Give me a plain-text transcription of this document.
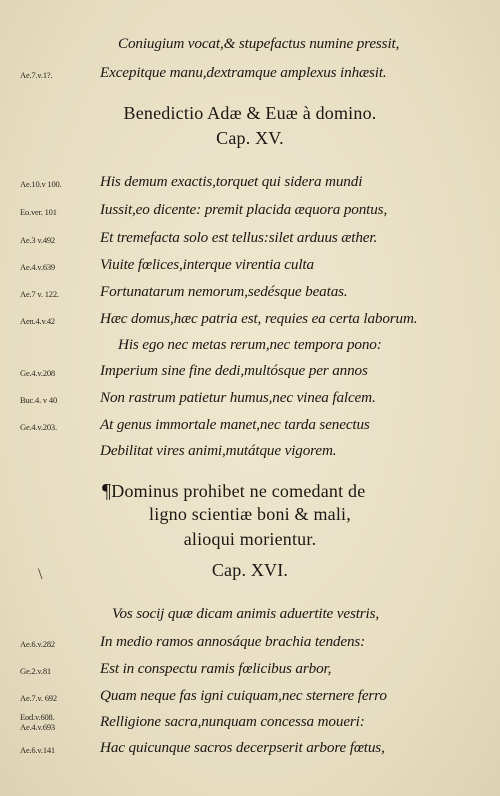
Coniugium vocat,& stupefactus numine pressit,
Ae.7.v.1?.	Excepitque manu,dextramque amplexus inhæsit.
Benedictio Adæ & Euæ à domino.
Cap. XV.
Ae.10.v 100.	His demum exactis,torquet qui sidera mundi
Eo.ver. 101	Iussit,eo dicente: premit placida æquora pontus,
Ae.3 v.492	Et tremefacta solo est tellus:silet arduus æther.
Ae.4.v.639	Viuite fœlices,interque virentia culta
Ae.7 v. 122.	Fortunatarum nemorum,sedésque beatas.
Aen.4.v.42	Hæc domus,hæc patria est, requies ea certa laborum.
His ego nec metas rerum,nec tempora pono:
Ge.4.v.208	Imperium sine fine dedi,multósque per annos
Buc.4. v 40	Non rastrum patietur humus,nec vinea falcem.
Ge.4.v.203.	At genus immortale manet,nec tarda senectus
Debilitat vires animi,mutátque vigorem.
¶Dominus prohibet ne comedant de
ligno scientiæ boni & mali,
alioqui morientur.
Cap. XVI.
\
Vos socij quæ dicam animis aduertite vestris,
Ae.6.v.282	In medio ramos annosáque brachia tendens:
Ge.2.v.81	Est in conspectu ramis fœlicibus arbor,
Ae.7.v. 692	Quam neque fas igni cuiquam,nec sternere ferro
Eod.v.608.
Ae.4.v.693	Relligione sacra,nunquam concessa moueri:
Ae.6.v.141	Hac quicunque sacros decerpserit arbore fœtus,
